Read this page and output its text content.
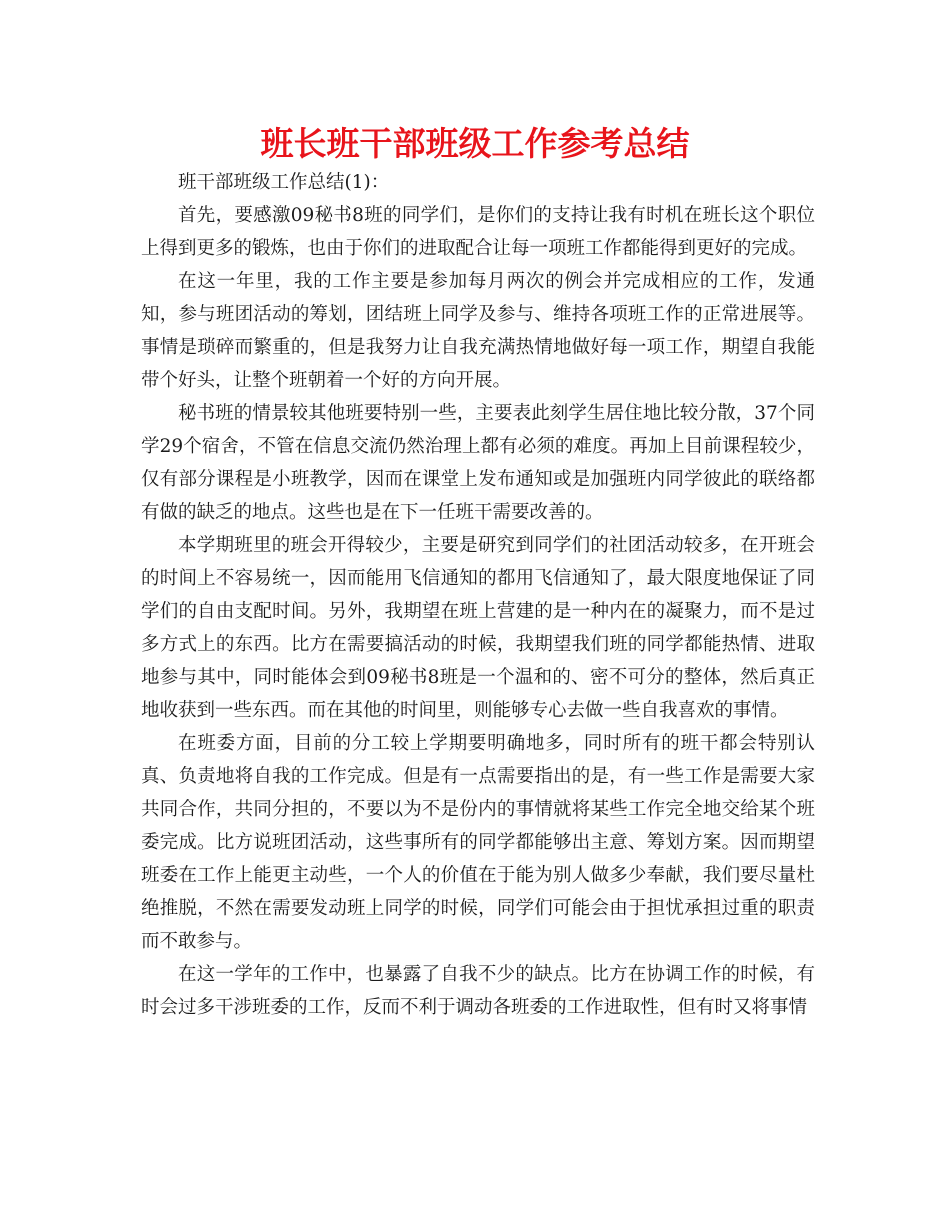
班长班干部班级工作参考总结

班干部班级工作总结(1)：

首先，要感激09秘书8班的同学们，是你们的支持让我有时机在班长这个职位上得到更多的锻炼，也由于你们的进取配合让每一项班工作都能得到更好的完成。

在这一年里，我的工作主要是参加每月两次的例会并完成相应的工作，发通知，参与班团活动的筹划，团结班上同学及参与、维持各项班工作的正常进展等。事情是琐碎而繁重的，但是我努力让自我充满热情地做好每一项工作，期望自我能带个好头，让整个班朝着一个好的方向开展。

秘书班的情景较其他班要特别一些，主要表此刻学生居住地比较分散，37个同学29个宿舍，不管在信息交流仍然治理上都有必须的难度。再加上目前课程较少，仅有部分课程是小班教学，因而在课堂上发布通知或是加强班内同学彼此的联络都有做的缺乏的地点。这些也是在下一任班干需要改善的。

本学期班里的班会开得较少，主要是研究到同学们的社团活动较多，在开班会的时间上不容易统一，因而能用飞信通知的都用飞信通知了，最大限度地保证了同学们的自由支配时间。另外，我期望在班上营建的是一种内在的凝聚力，而不是过多方式上的东西。比方在需要搞活动的时候，我期望我们班的同学都能热情、进取地参与其中，同时能体会到09秘书8班是一个温和的、密不可分的整体，然后真正地收获到一些东西。而在其他的时间里，则能够专心去做一些自我喜欢的事情。

在班委方面，目前的分工较上学期要明确地多，同时所有的班干都会特别认真、负责地将自我的工作完成。但是有一点需要指出的是，有一些工作是需要大家共同合作，共同分担的，不要以为不是份内的事情就将某些工作完全地交给某个班委完成。比方说班团活动，这些事所有的同学都能够出主意、筹划方案。因而期望班委在工作上能更主动些，一个人的价值在于能为别人做多少奉献，我们要尽量杜绝推脱，不然在需要发动班上同学的时候，同学们可能会由于担忧承担过重的职责而不敢参与。

在这一学年的工作中，也暴露了自我不少的缺点。比方在协调工作的时候，有时会过多干涉班委的工作，反而不利于调动各班委的工作进取性，但有时又将事情
